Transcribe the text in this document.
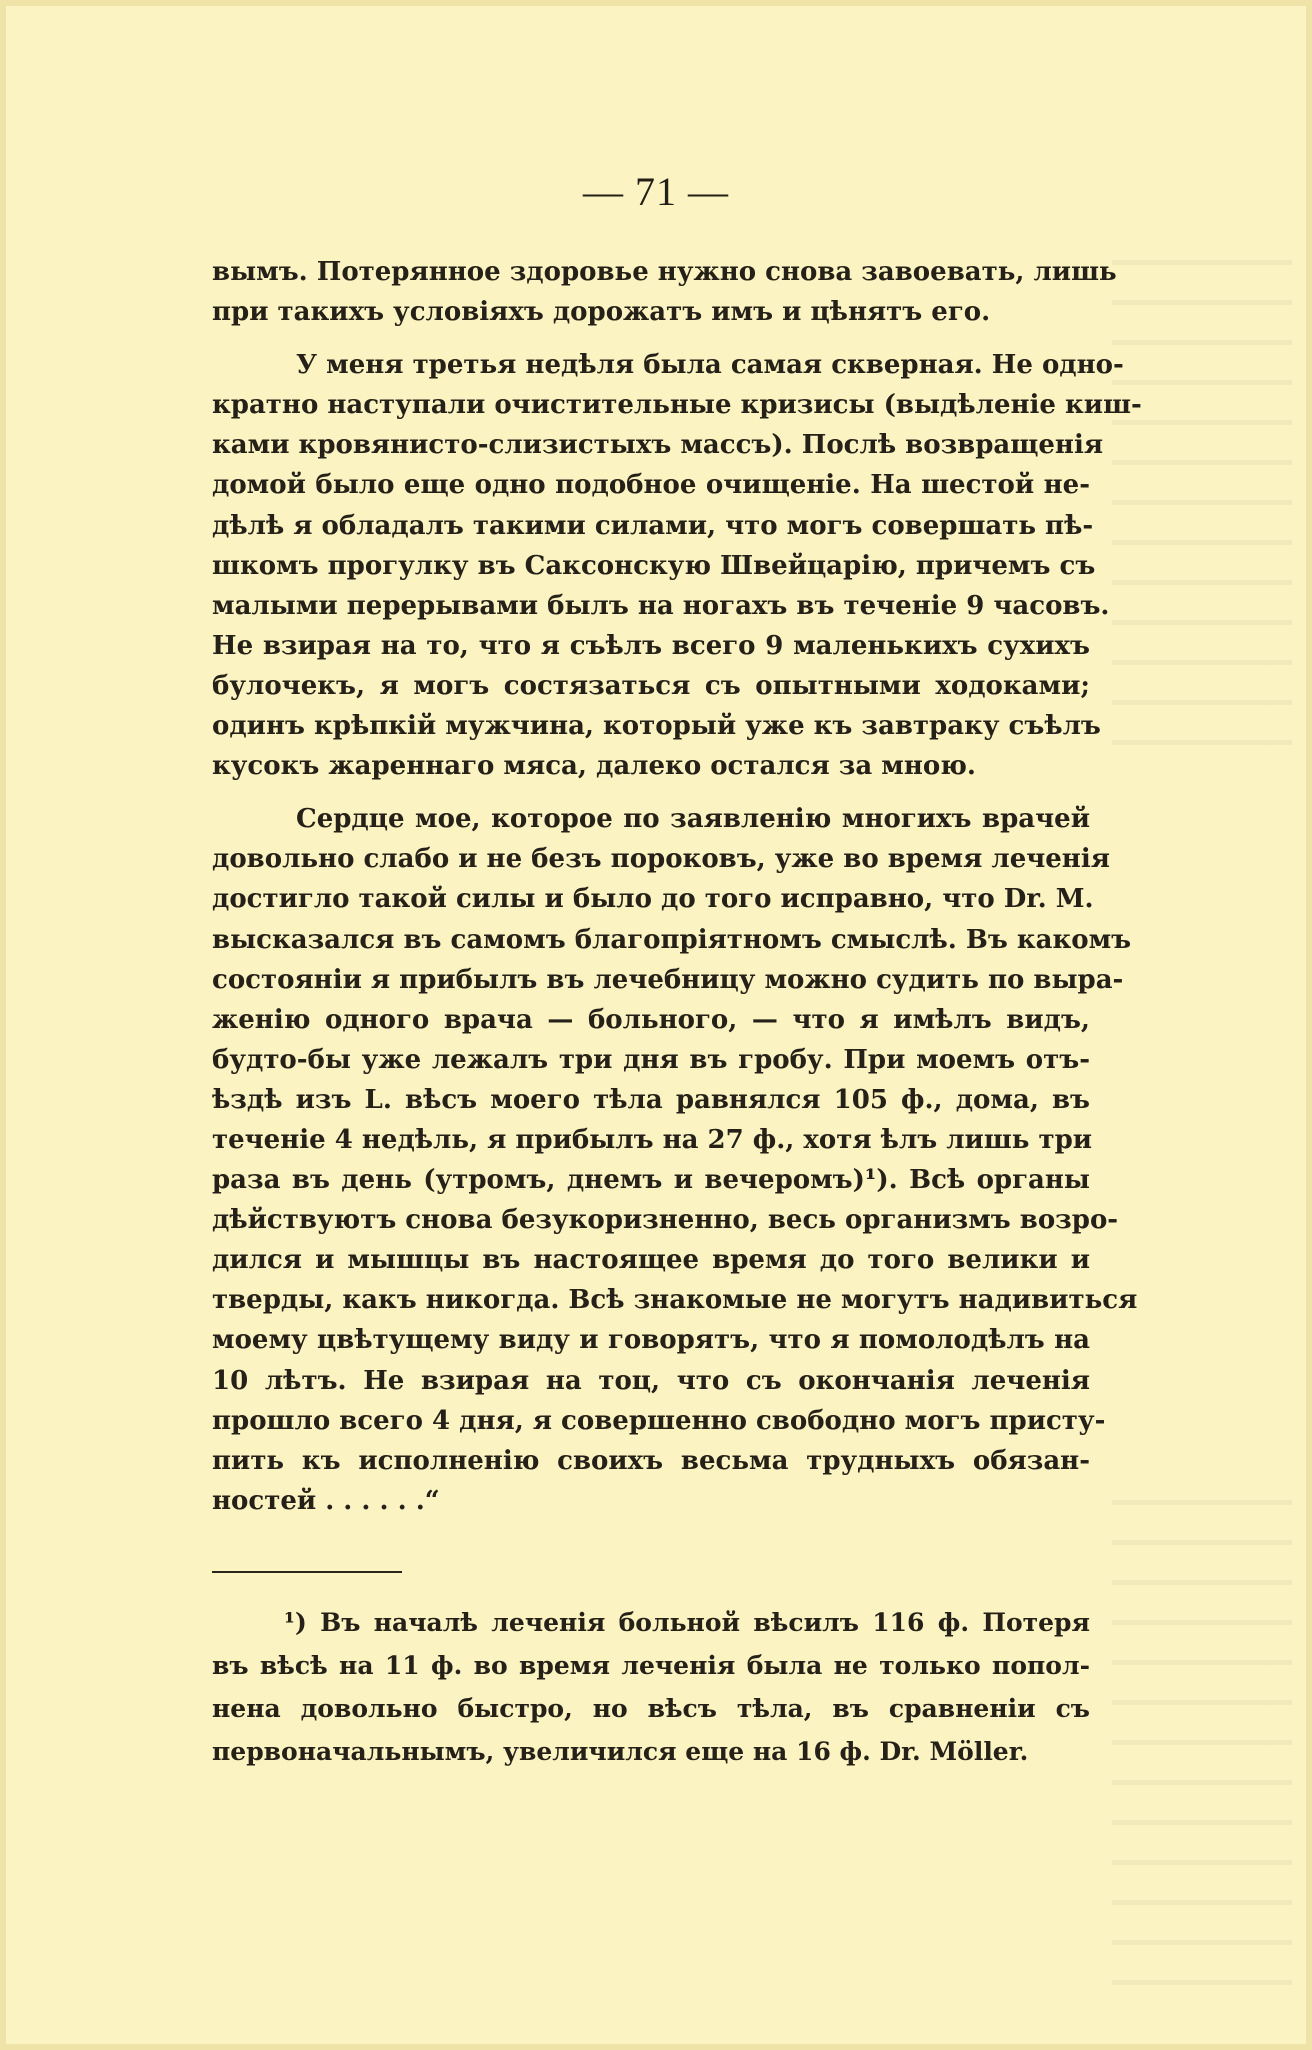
— 71 —
вымъ. Потерянное здоровье нужно снова завоевать, лишь
при такихъ условіяхъ дорожатъ имъ и цѣнятъ его.
У меня третья недѣля была самая скверная. Не одно-
кратно наступали очистительные кризисы (выдѣленіе киш-
ками кровянисто-слизистыхъ массъ). Послѣ возвращенія
домой было еще одно подобное очищеніе. На шестой не-
дѣлѣ я обладалъ такими силами, что могъ совершать пѣ-
шкомъ прогулку въ Саксонскую Швейцарію, причемъ съ
малыми перерывами былъ на ногахъ въ теченіе 9 часовъ.
Не взирая на то, что я съѣлъ всего 9 маленькихъ сухихъ
булочекъ, я могъ состязаться съ опытными ходоками;
одинъ крѣпкій мужчина, который уже къ завтраку съѣлъ
кусокъ жареннаго мяса, далеко остался за мною.
Сердце мое, которое по заявленію многихъ врачей
довольно слабо и не безъ пороковъ, уже во время леченія
достигло такой силы и было до того исправно, что Dr. M.
высказался въ самомъ благопріятномъ смыслѣ. Въ какомъ
состояніи я прибылъ въ лечебницу можно судить по выра-
женію одного врача — больного, — что я имѣлъ видъ,
будто-бы уже лежалъ три дня въ гробу. При моемъ отъ-
ѣздѣ изъ L. вѣсъ моего тѣла равнялся 105 ф., дома, въ
теченіе 4 недѣль, я прибылъ на 27 ф., хотя ѣлъ лишь три
раза въ день (утромъ, днемъ и вечеромъ)¹). Всѣ органы
дѣйствуютъ снова безукоризненно, весь организмъ возро-
дился и мышцы въ настоящее время до того велики и
тверды, какъ никогда. Всѣ знакомые не могутъ надивиться
моему цвѣтущему виду и говорятъ, что я помолодѣлъ на
10 лѣтъ. Не взирая на тоц, что съ окончанія леченія
прошло всего 4 дня, я совершенно свободно могъ присту-
пить къ исполненію своихъ весьма трудныхъ обязан-
ностей . . . . . .“
¹) Въ началѣ леченія больной вѣсилъ 116 ф. Потеря
въ вѣсѣ на 11 ф. во время леченія была не только попол-
нена довольно быстро, но вѣсъ тѣла, въ сравненіи съ
первоначальнымъ, увеличился еще на 16 ф. Dr. Möller.
